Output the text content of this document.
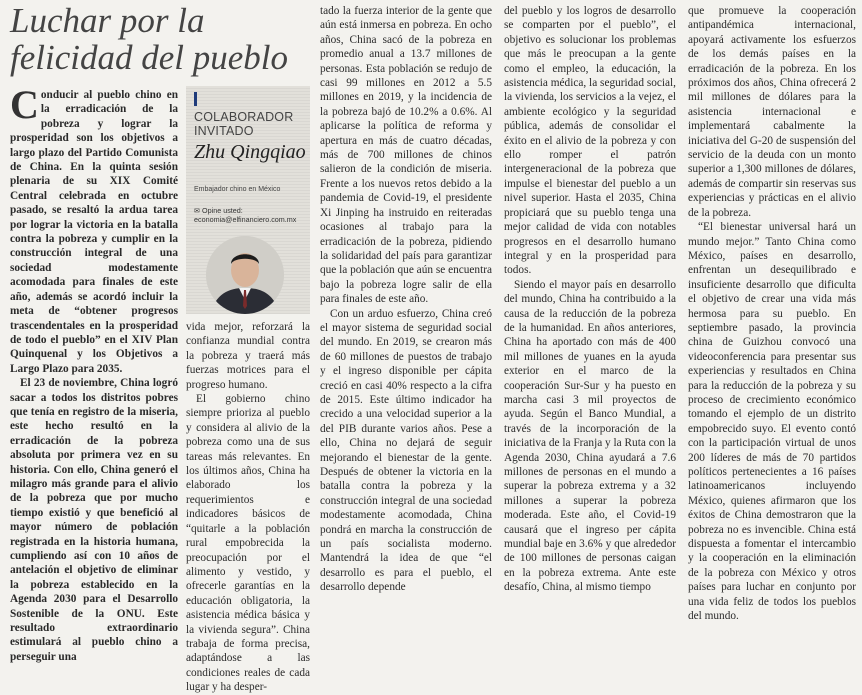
Luchar por la felicidad del pueblo

Conducir al pueblo chino en la erradicación de la pobreza y lograr la prosperidad son los objetivos a largo plazo del Partido Comunista de China. En la quinta sesión plenaria de su XIX Comité Central celebrada en octubre pasado, se resaltó la ardua tarea por lograr la victoria en la batalla contra la pobreza y cumplir en la construcción integral de una sociedad modestamente acomodada para finales de este año, además se acordó incluir la meta de “obtener progresos trascendentales en la prosperidad de todo el pueblo” en el XIV Plan Quinquenal y los Objetivos a Largo Plazo para 2035.

El 23 de noviembre, China logró sacar a todos los distritos pobres que tenía en registro de la miseria, este hecho resultó en la erradicación de la pobreza absoluta por primera vez en su historia. Con ello, China generó el milagro más grande para el alivio de la pobreza que por mucho tiempo existió y que benefició al mayor número de población registrada en la historia humana, cumpliendo así con 10 años de antelación el objetivo de eliminar la pobreza establecido en la Agenda 2030 para el Desarrollo Sostenible de la ONU. Este resultado extraordinario estimulará al pueblo chino a perseguir una

COLABORADOR INVITADO
Zhu Qingqiao
Embajador chino en México
✉ Opine usted:
economia@elfinanciero.com.mx

vida mejor, reforzará la confianza mundial contra la pobreza y traerá más fuerzas motrices para el progreso humano.

El gobierno chino siempre prioriza al pueblo y considera al alivio de la pobreza como una de sus tareas más relevantes. En los últimos años, China ha elaborado los requerimientos e indicadores básicos de “quitarle a la población rural empobrecida la preocupación por el alimento y vestido, y ofrecerle garantías en la educación obligatoria, la asistencia médica básica y la vivienda segura”. China trabaja de forma precisa, adaptándose a las condiciones reales de cada lugar y ha desper-

tado la fuerza interior de la gente que aún está inmersa en pobreza. En ocho años, China sacó de la pobreza en promedio anual a 13.7 millones de personas. Esta población se redujo de casi 99 millones en 2012 a 5.5 millones en 2019, y la incidencia de la pobreza bajó de 10.2% a 0.6%. Al aplicarse la política de reforma y apertura en más de cuatro décadas, más de 700 millones de chinos salieron de la condición de miseria. Frente a los nuevos retos debido a la pandemia de Covid-19, el presidente Xi Jinping ha instruido en reiteradas ocasiones al trabajo para la erradicación de la pobreza, pidiendo la solidaridad del país para garantizar que la población que aún se encuentra bajo la pobreza logre salir de ella para finales de este año.

Con un arduo esfuerzo, China creó el mayor sistema de seguridad social del mundo. En 2019, se crearon más de 60 millones de puestos de trabajo y el ingreso disponible per cápita creció en casi 40% respecto a la cifra de 2015. Este último indicador ha crecido a una velocidad superior a la del PIB durante varios años. Pese a ello, China no dejará de seguir mejorando el bienestar de la gente. Después de obtener la victoria en la batalla contra la pobreza y la construcción integral de una sociedad modestamente acomodada, China pondrá en marcha la construcción de un país socialista moderno. Mantendrá la idea de que “el desarrollo es para el pueblo, el desarrollo depende

del pueblo y los logros de desarrollo se comparten por el pueblo”, el objetivo es solucionar los problemas que más le preocupan a la gente como el empleo, la educación, la asistencia médica, la seguridad social, la vivienda, los servicios a la vejez, el ambiente ecológico y la seguridad pública, además de consolidar el éxito en el alivio de la pobreza y con ello romper el patrón intergeneracional de la pobreza que impulse el bienestar del pueblo a un nivel superior. Hasta el 2035, China propiciará que su pueblo tenga una mejor calidad de vida con notables progresos en el desarrollo humano integral y en la prosperidad para todos.

Siendo el mayor país en desarrollo del mundo, China ha contribuido a la causa de la reducción de la pobreza de la humanidad. En años anteriores, China ha aportado con más de 400 mil millones de yuanes en la ayuda exterior en el marco de la cooperación Sur-Sur y ha puesto en marcha casi 3 mil proyectos de ayuda. Según el Banco Mundial, a través de la incorporación de la iniciativa de la Franja y la Ruta con la Agenda 2030, China ayudará a 7.6 millones de personas en el mundo a superar la pobreza extrema y a 32 millones a superar la pobreza moderada. Este año, el Covid-19 causará que el ingreso per cápita mundial baje en 3.6% y que alrededor de 100 millones de personas caigan en la pobreza extrema. Ante este desafío, China, al mismo tiempo

que promueve la cooperación antipandémica internacional, apoyará activamente los esfuerzos de los demás países en la erradicación de la pobreza. En los próximos dos años, China ofrecerá 2 mil millones de dólares para la asistencia internacional e implementará cabalmente la iniciativa del G-20 de suspensión del servicio de la deuda con un monto superior a 1,300 millones de dólares, además de compartir sin reservas sus experiencias y prácticas en el alivio de la pobreza.

“El bienestar universal hará un mundo mejor.” Tanto China como México, países en desarrollo, enfrentan un desequilibrado e insuficiente desarrollo que dificulta el objetivo de crear una vida más hermosa para su pueblo. En septiembre pasado, la provincia china de Guizhou convocó una videoconferencia para presentar sus experiencias y resultados en China para la reducción de la pobreza y su proceso de crecimiento económico tomando el ejemplo de un distrito empobrecido suyo. El evento contó con la participación virtual de unos 200 líderes de más de 70 partidos políticos pertenecientes a 16 países latinoamericanos incluyendo México, quienes afirmaron que los éxitos de China demostraron que la pobreza no es invencible. China está dispuesta a fomentar el intercambio y la cooperación en la eliminación de la pobreza con México y otros países para luchar en conjunto por una vida feliz de todos los pueblos del mundo.
